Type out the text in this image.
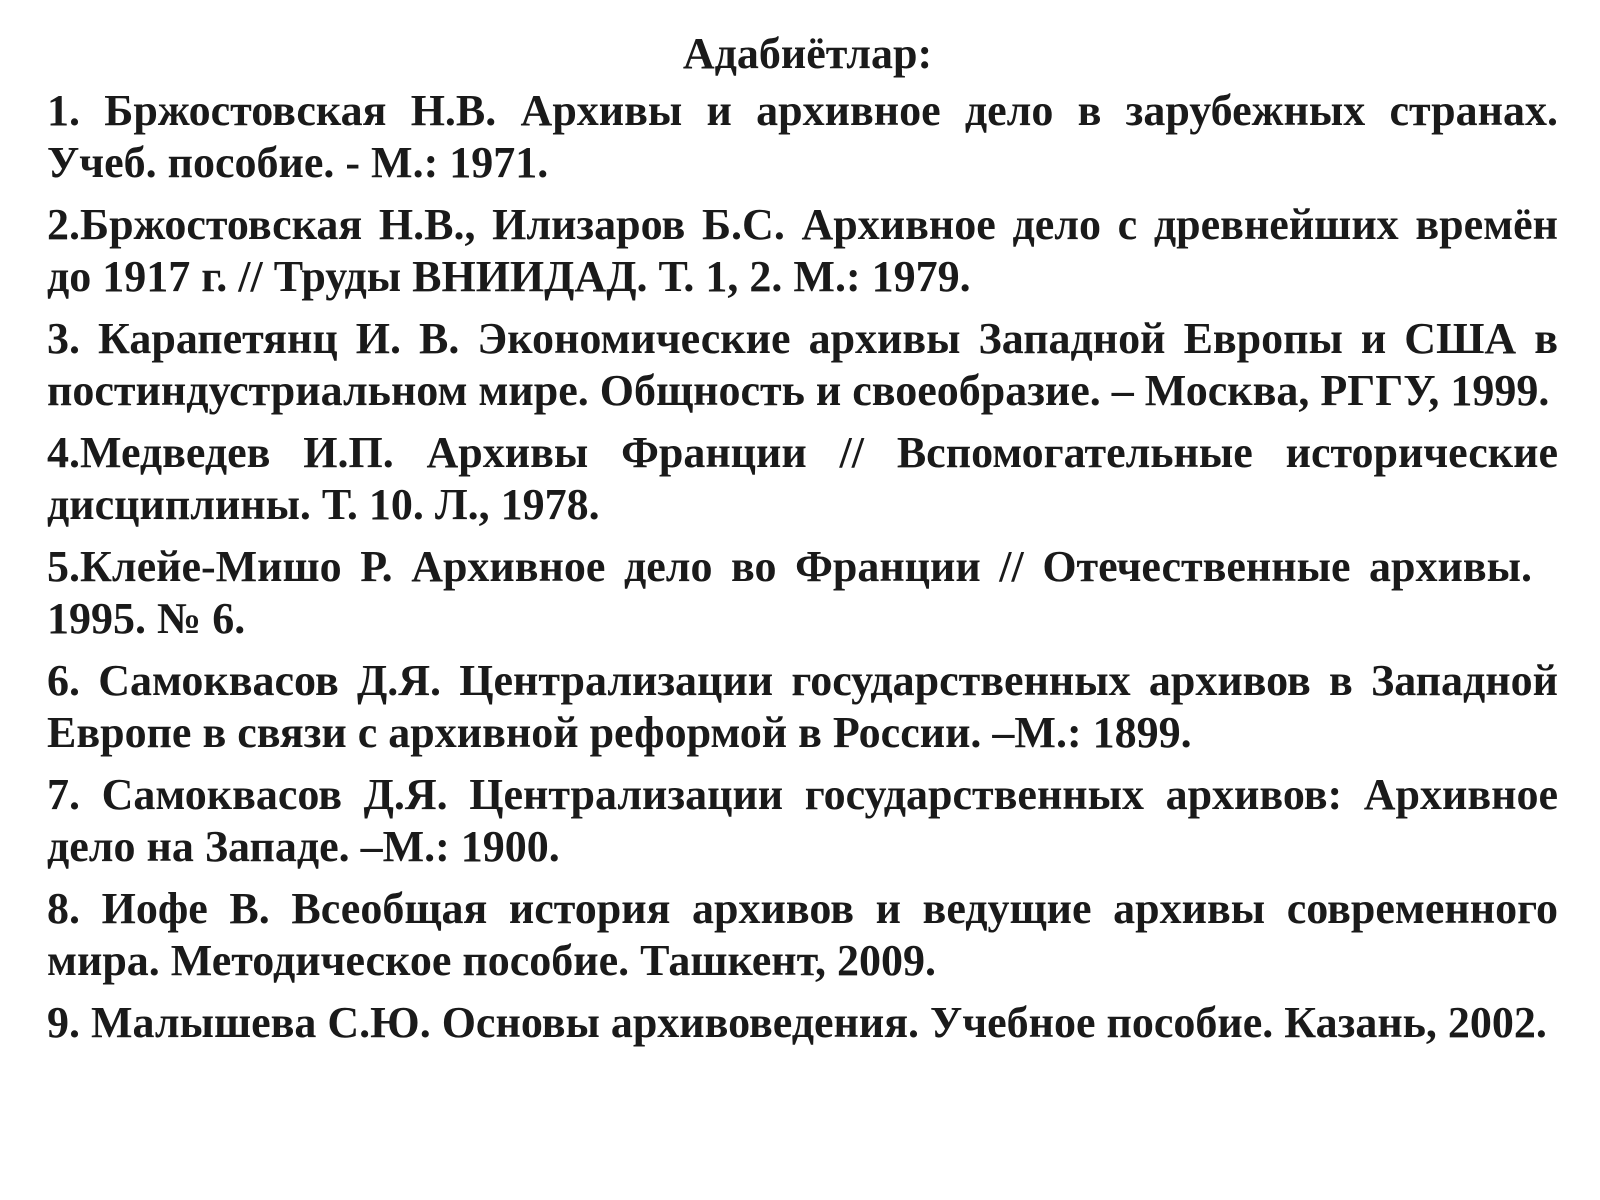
Адабиётлар:
1. Бржостовская Н.В. Архивы и архивное дело в зарубежных странах. Учеб. пособие. - М.: 1971.
2.Бржостовская Н.В., Илизаров Б.С. Архивное дело с древнейших времён до 1917 г. // Труды ВНИИДАД. Т. 1, 2. М.: 1979.
3. Карапетянц И. В. Экономические архивы Западной Европы и США в постиндустриальном мире. Общность и своеобразие. – Москва, РГГУ, 1999.
4.Медведев И.П. Архивы Франции // Вспомогательные исторические дисциплины. Т. 10. Л., 1978.
5.Клейе-Мишо Р. Архивное дело во Франции // Отечественные архивы. 1995. № 6.
6. Самоквасов Д.Я. Централизации государственных архивов в Западной Европе в связи с архивной реформой в России. –М.: 1899.
7. Самоквасов Д.Я. Централизации государственных архивов: Архивное дело на Западе. –М.: 1900.
8. Иофе В. Всеобщая история архивов и ведущие архивы современного мира. Методическое пособие. Ташкент, 2009.
9. Малышева С.Ю. Основы архивоведения. Учебное пособие. Казань, 2002.
